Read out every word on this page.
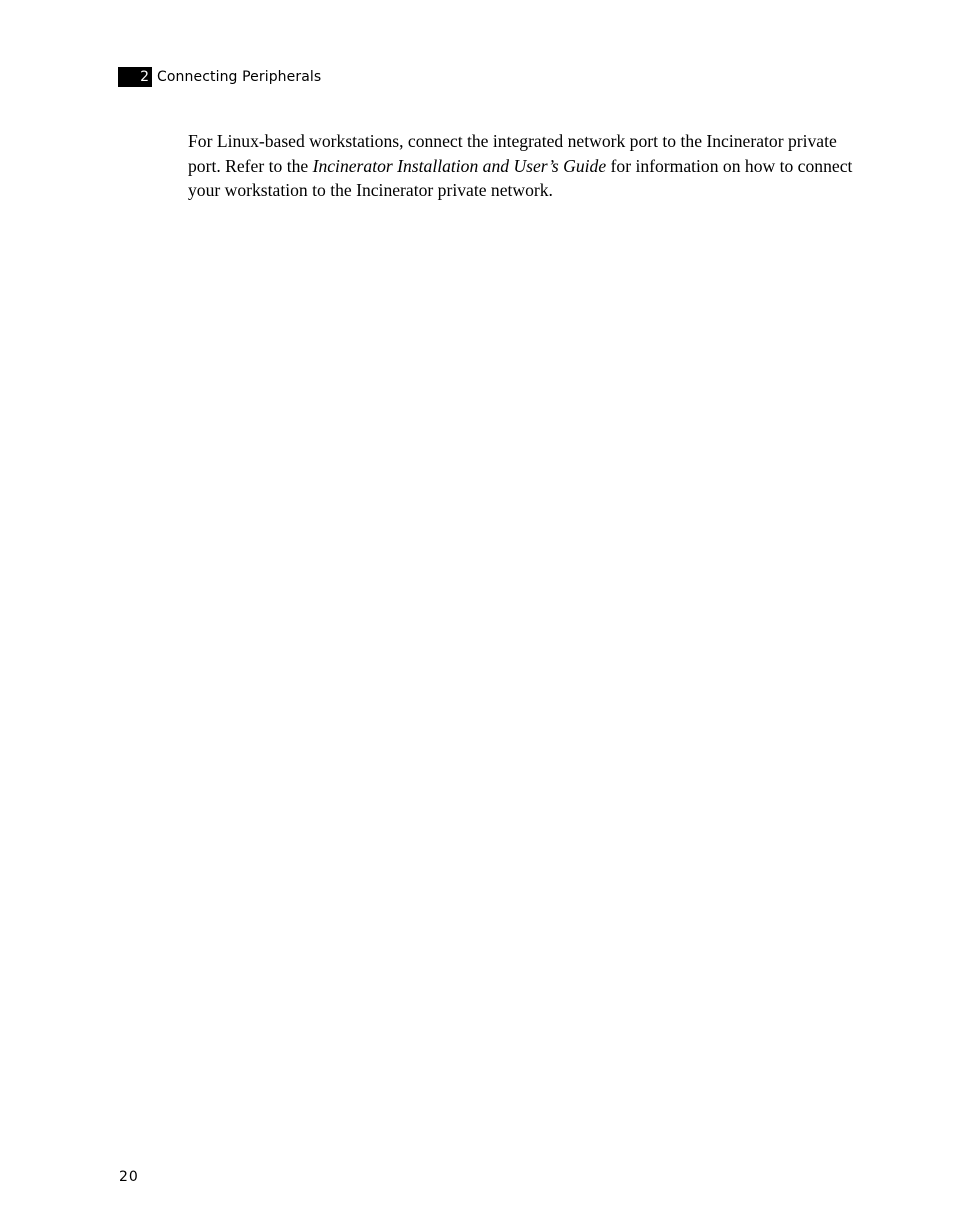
2 Connecting Peripherals

For Linux-based workstations, connect the integrated network port to the Incinerator private port. Refer to the Incinerator Installation and User’s Guide for information on how to connect your workstation to the Incinerator private network.

20
